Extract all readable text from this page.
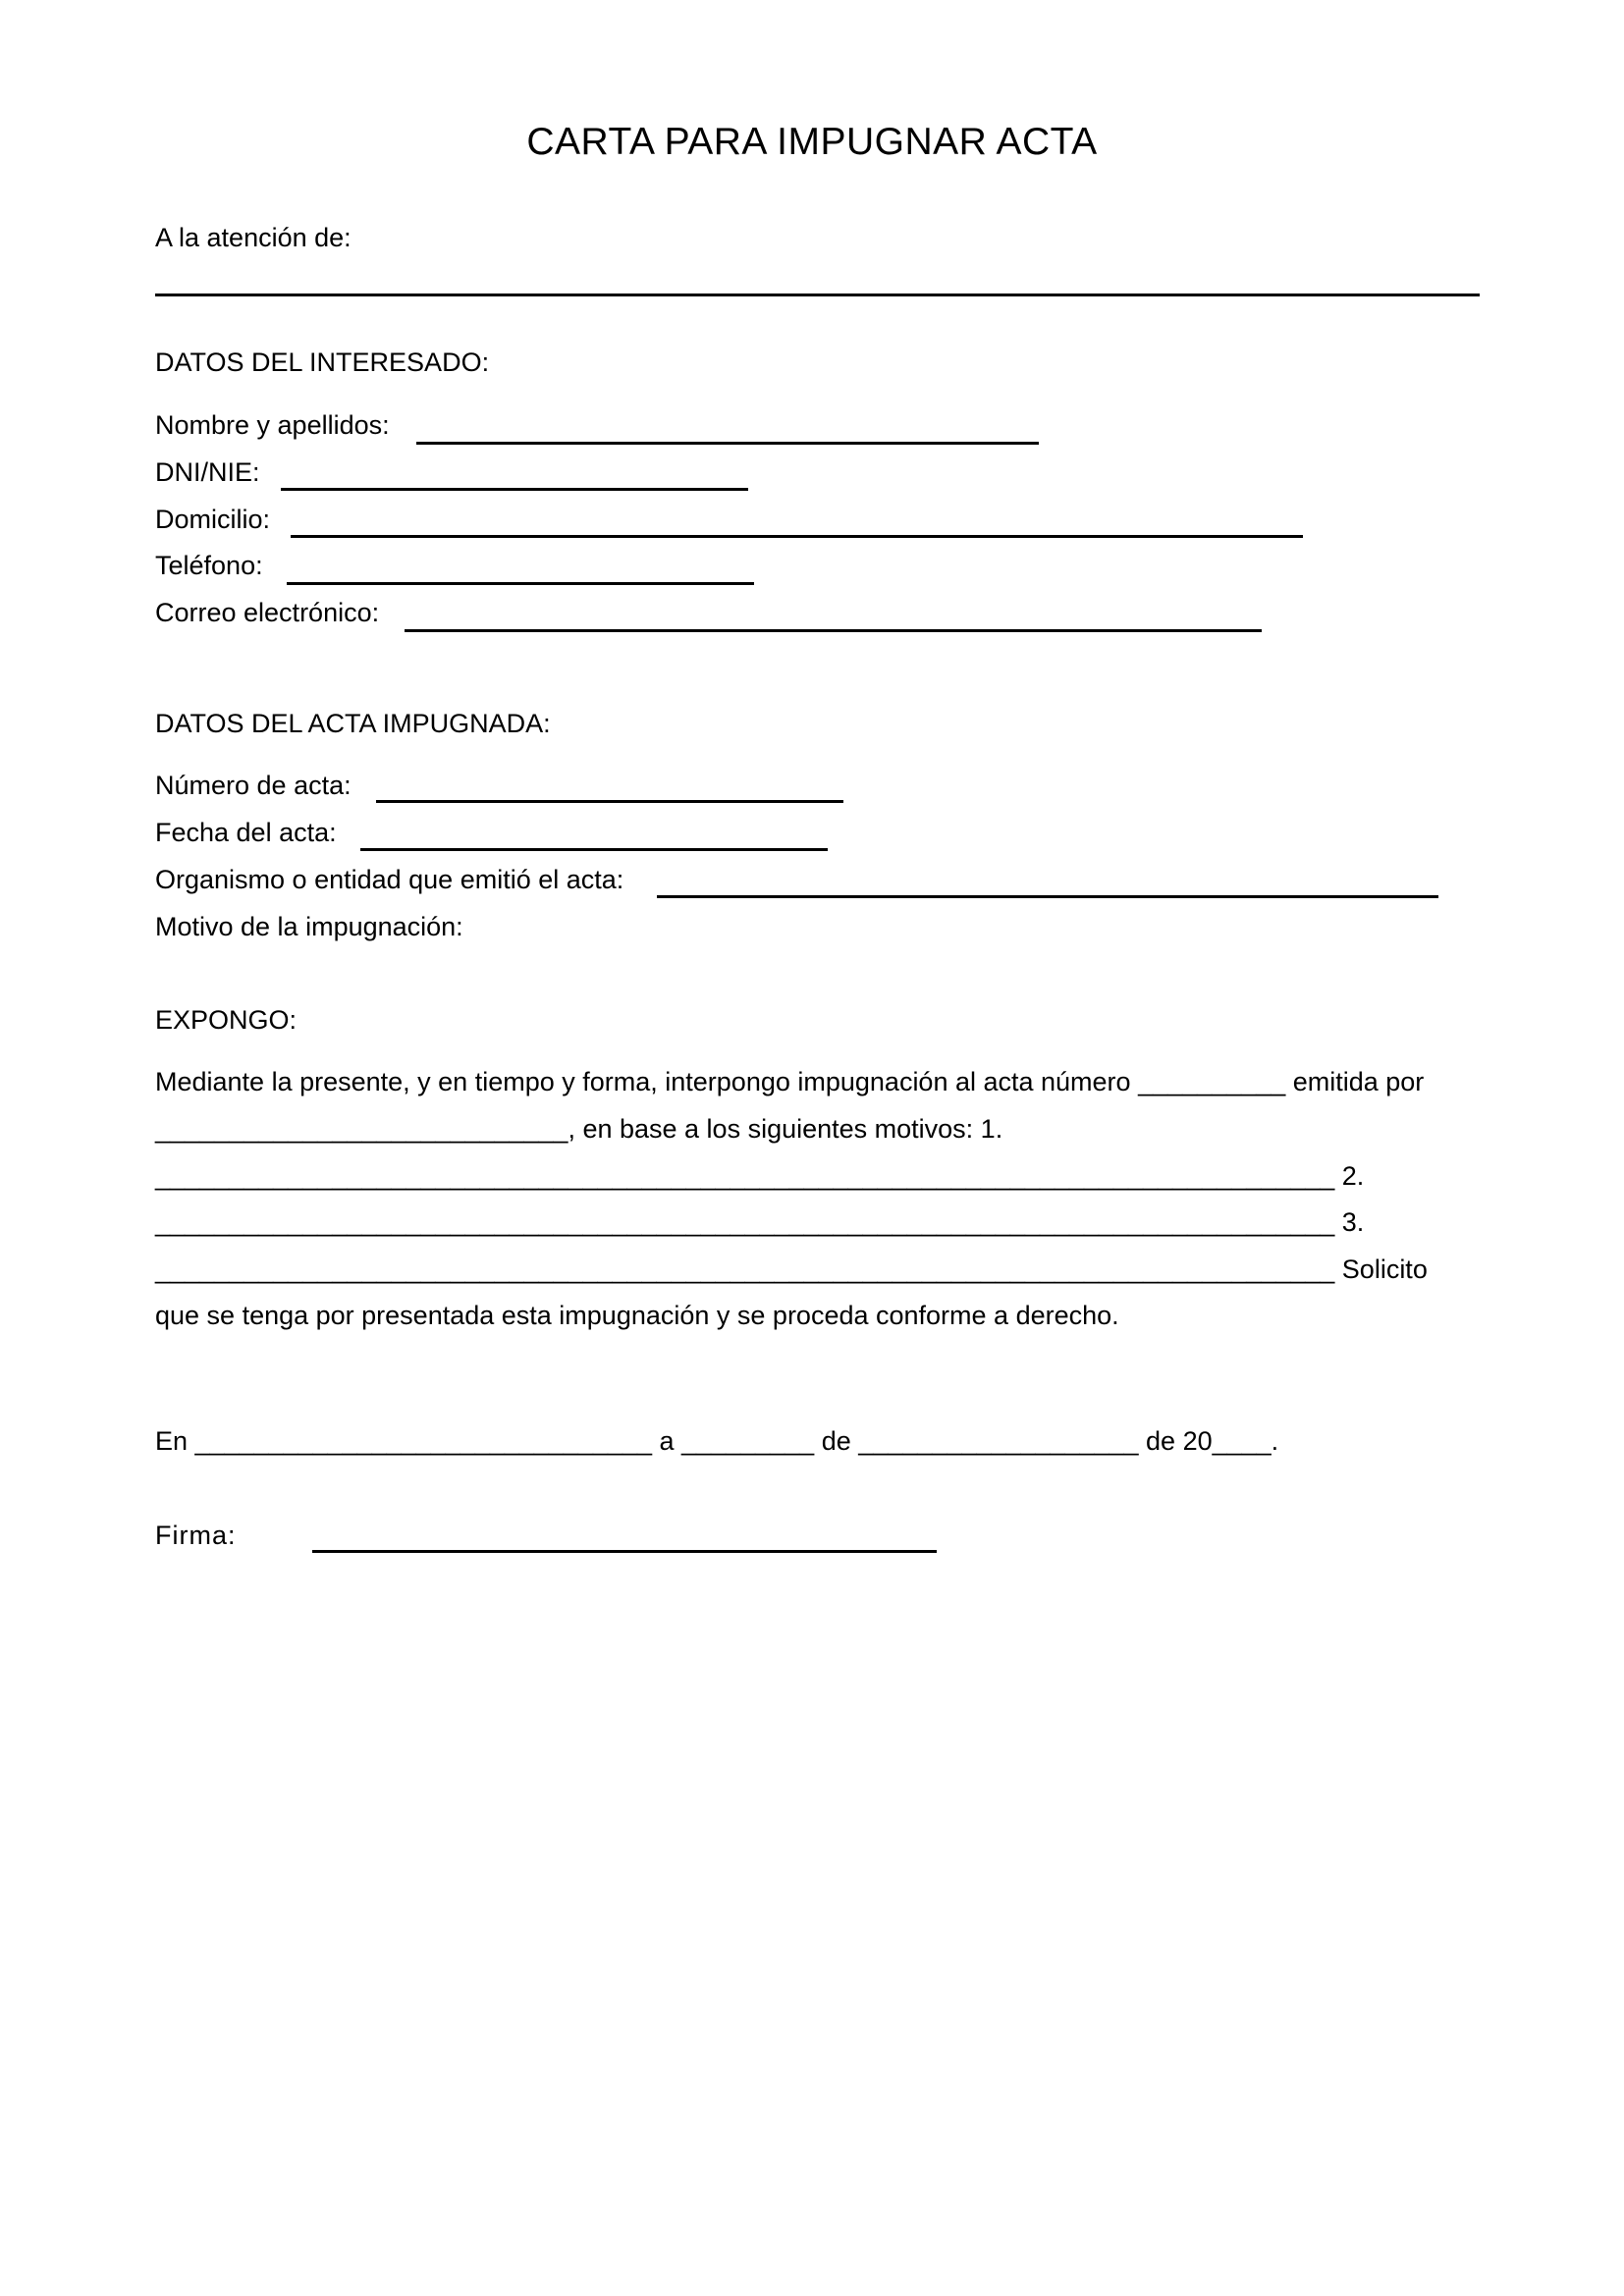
CARTA PARA IMPUGNAR ACTA
A la atención de:
DATOS DEL INTERESADO:
Nombre y apellidos:
DNI/NIE:
Domicilio:
Teléfono:
Correo electrónico:
DATOS DEL ACTA IMPUGNADA:
Número de acta:
Fecha del acta:
Organismo o entidad que emitió el acta:
Motivo de la impugnación:
EXPONGO:
Mediante la presente, y en tiempo y forma, interpongo impugnación al acta número __________ emitida por
____________________________, en base a los siguientes motivos: 1.
________________________________________________________________________________ 2.
________________________________________________________________________________ 3.
________________________________________________________________________________ Solicito
que se tenga por presentada esta impugnación y se proceda conforme a derecho.
En _______________________________ a _________ de ___________________ de 20____.
Firma:
